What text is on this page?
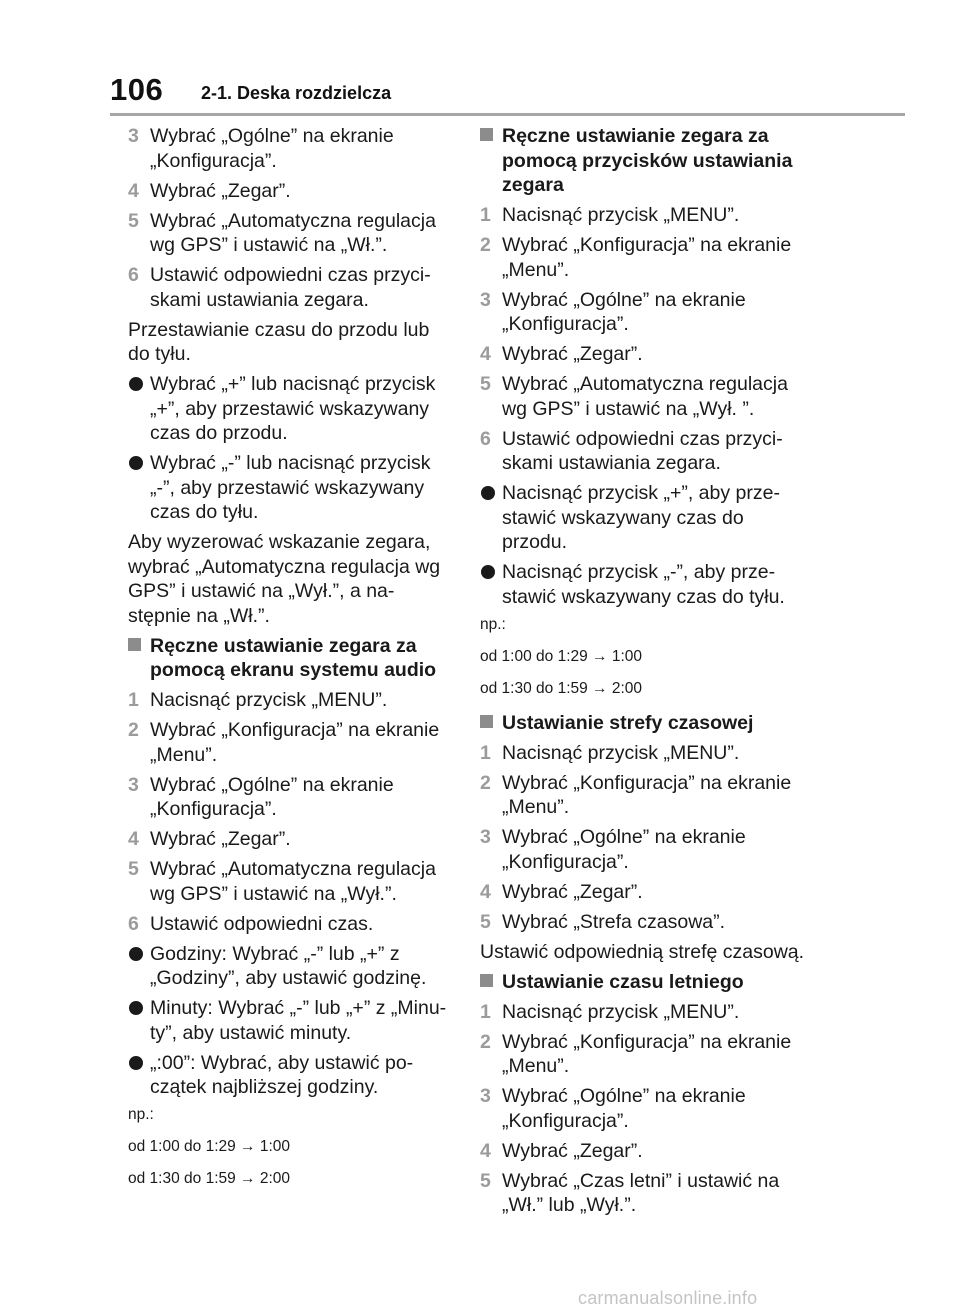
106 2-1. Deska rozdzielcza
3 Wybrać „Ogólne” na ekranie „Konfiguracja”.
4 Wybrać „Zegar”.
5 Wybrać „Automatyczna regulacja wg GPS” i ustawić na „Wł.”.
6 Ustawić odpowiedni czas przyci-skami ustawiania zegara.
Przestawianie czasu do przodu lub do tyłu.
Wybrać „+” lub nacisnąć przycisk „+”, aby przestawić wskazywany czas do przodu.
Wybrać „-” lub nacisnąć przycisk „-”, aby przestawić wskazywany czas do tyłu.
Aby wyzerować wskazanie zegara, wybrać „Automatyczna regulacja wg GPS” i ustawić na „Wył.”, a na-stępnie na „Wł.”.
Ręczne ustawianie zegara za pomocą ekranu systemu audio
1 Nacisnąć przycisk „MENU”.
2 Wybrać „Konfiguracja” na ekranie „Menu”.
3 Wybrać „Ogólne” na ekranie „Konfiguracja”.
4 Wybrać „Zegar”.
5 Wybrać „Automatyczna regulacja wg GPS” i ustawić na „Wył.”.
6 Ustawić odpowiedni czas.
Godziny: Wybrać „-” lub „+” z „Godziny”, aby ustawić godzinę.
Minuty: Wybrać „-” lub „+” z „Minu-ty”, aby ustawić minuty.
„:00”: Wybrać, aby ustawić po-czątek najbliższej godziny.
np.:
od 1:00 do 1:29 → 1:00
od 1:30 do 1:59 → 2:00
Ręczne ustawianie zegara za pomocą przycisków ustawiania zegara
1 Nacisnąć przycisk „MENU”.
2 Wybrać „Konfiguracja” na ekranie „Menu”.
3 Wybrać „Ogólne” na ekranie „Konfiguracja”.
4 Wybrać „Zegar”.
5 Wybrać „Automatyczna regulacja wg GPS” i ustawić na „Wył. ”.
6 Ustawić odpowiedni czas przyci-skami ustawiania zegara.
Nacisnąć przycisk „+”, aby prze-stawić wskazywany czas do przodu.
Nacisnąć przycisk „-”, aby prze-stawić wskazywany czas do tyłu.
np.:
od 1:00 do 1:29 → 1:00
od 1:30 do 1:59 → 2:00
Ustawianie strefy czasowej
1 Nacisnąć przycisk „MENU”.
2 Wybrać „Konfiguracja” na ekranie „Menu”.
3 Wybrać „Ogólne” na ekranie „Konfiguracja”.
4 Wybrać „Zegar”.
5 Wybrać „Strefa czasowa”.
Ustawić odpowiednią strefę czasową.
Ustawianie czasu letniego
1 Nacisnąć przycisk „MENU”.
2 Wybrać „Konfiguracja” na ekranie „Menu”.
3 Wybrać „Ogólne” na ekranie „Konfiguracja”.
4 Wybrać „Zegar”.
5 Wybrać „Czas letni” i ustawić na „Wł.” lub „Wył.”.
carmanualsonline.info
